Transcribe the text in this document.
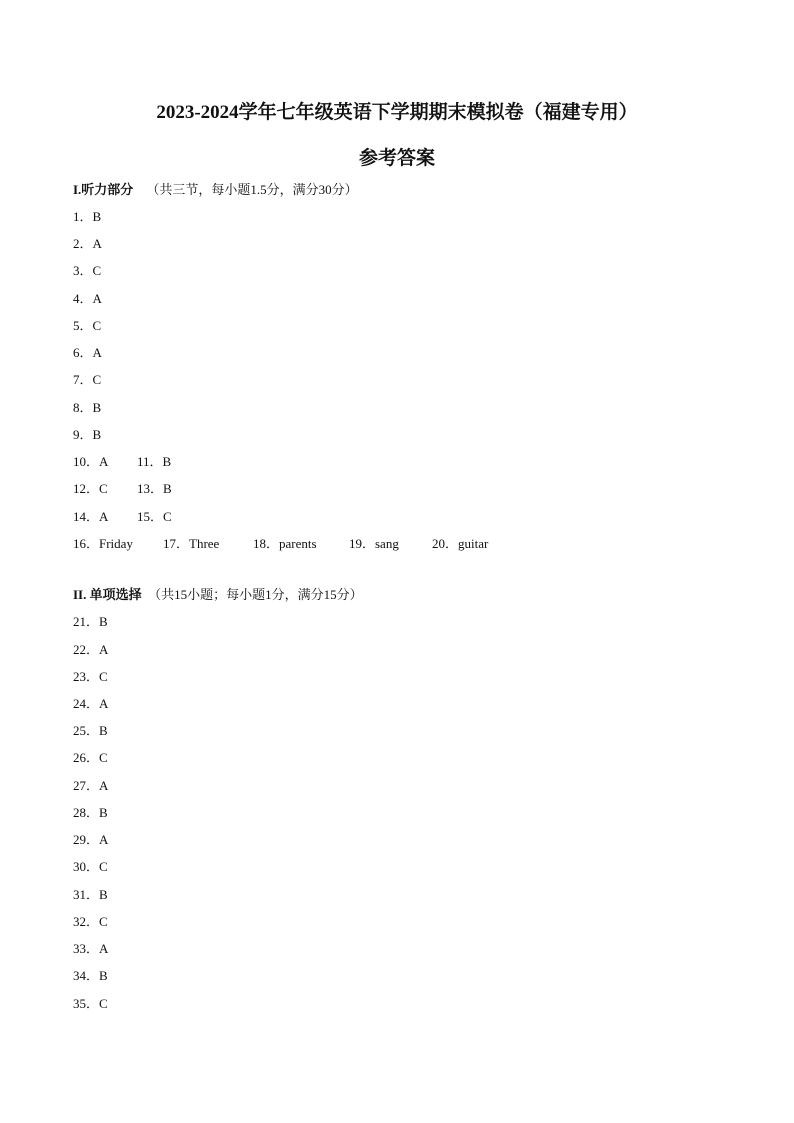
2023-2024学年七年级英语下学期期末模拟卷（福建专用）
参考答案
I.听力部分 （共三节，每小题1.5分，满分30分）
1．B
2．A
3．C
4．A
5．C
6．A
7．C
8．B
9．B
10．A 11．B
12．C 13．B
14．A 15．C
16．Friday 17．Three	18．parents 19．sang	20．guitar
II. 单项选择 （共15小题；每小题1分，满分15分）
21．B
22．A
23．C
24．A
25．B
26．C
27．A
28．B
29．A
30．C
31．B
32．C
33．A
34．B
35．C
